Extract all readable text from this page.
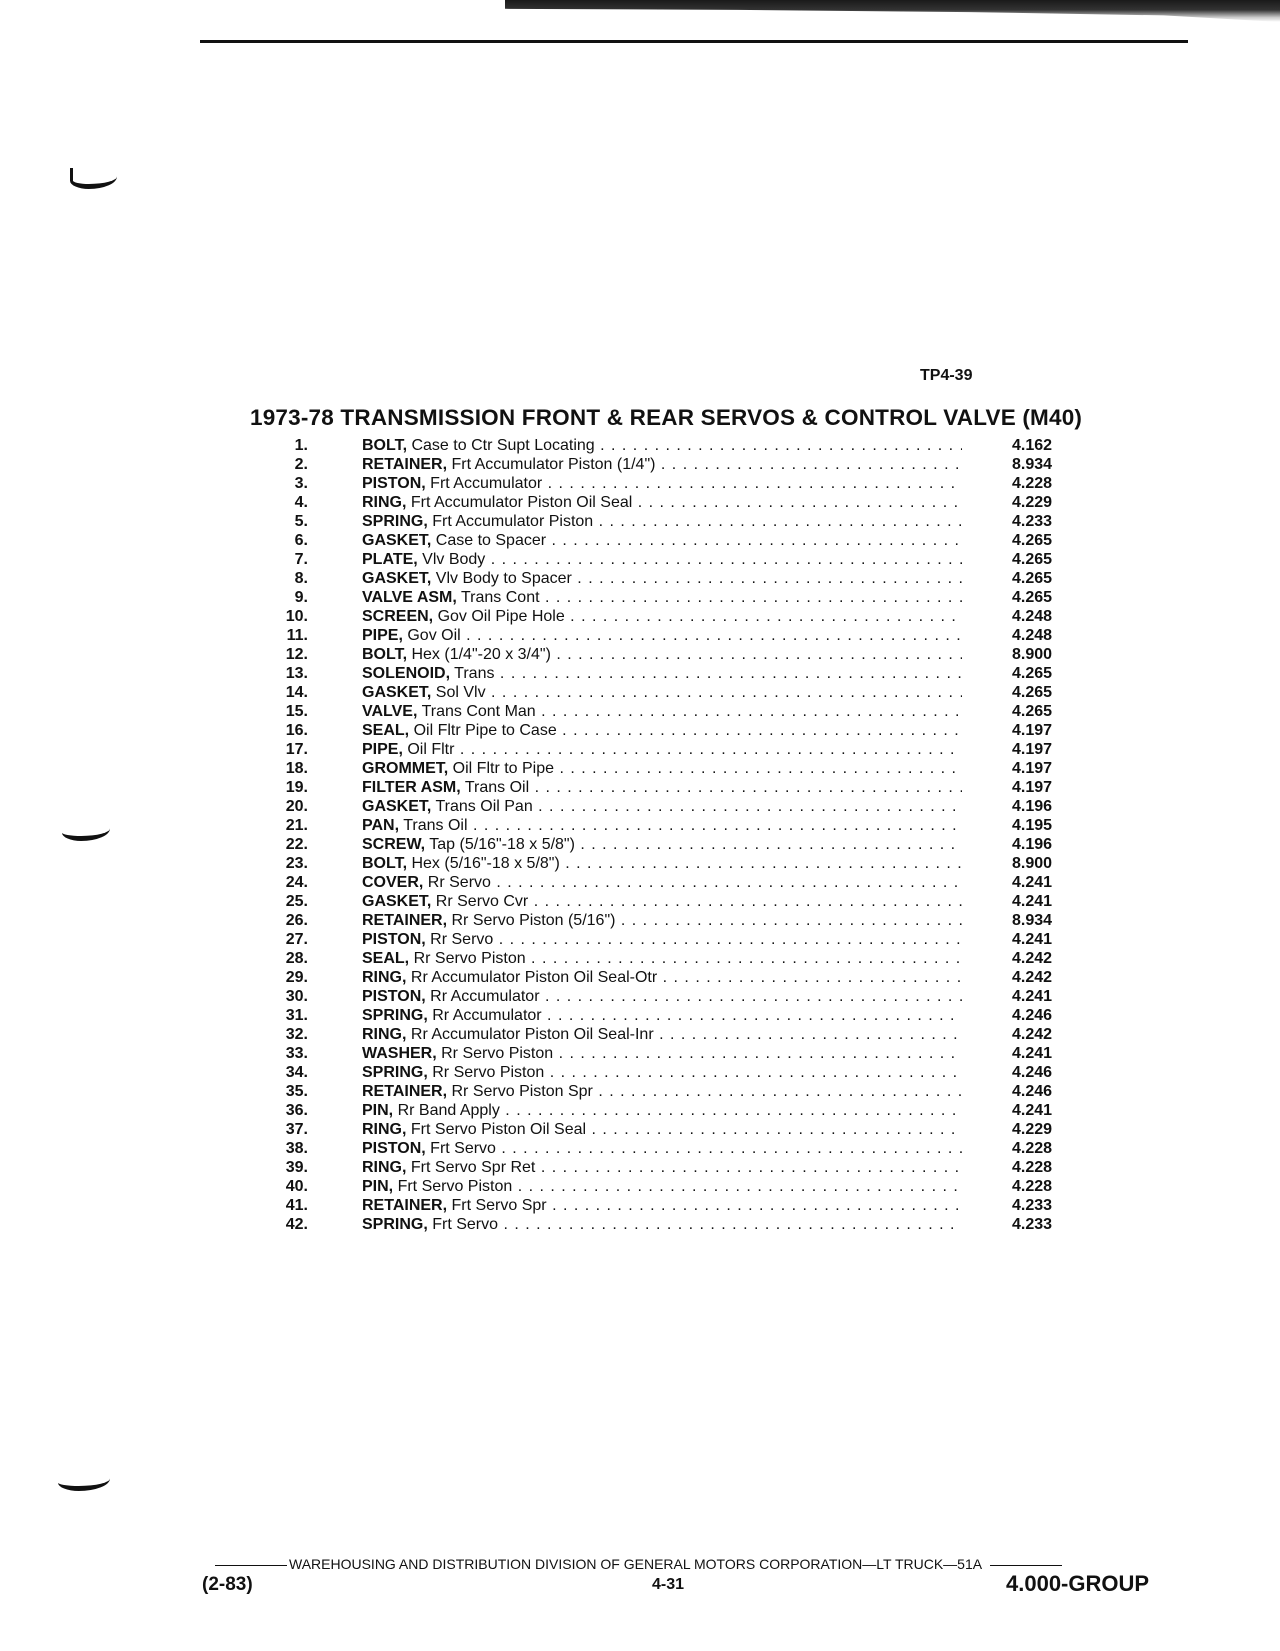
TP4-39
1973-78 TRANSMISSION FRONT & REAR SERVOS & CONTROL VALVE (M40)
1.	BOLT, Case to Ctr Supt Locating . . .	4.162
2.	RETAINER, Frt Accumulator Piston (1/4") . . .	8.934
3.	PISTON, Frt Accumulator . . .	4.228
4.	RING, Frt Accumulator Piston Oil Seal . . .	4.229
5.	SPRING, Frt Accumulator Piston . . .	4.233
6.	GASKET, Case to Spacer . . .	4.265
7.	PLATE, Vlv Body . . .	4.265
8.	GASKET, Vlv Body to Spacer . . .	4.265
9.	VALVE ASM, Trans Cont . . .	4.265
10.	SCREEN, Gov Oil Pipe Hole . . .	4.248
11.	PIPE, Gov Oil . . .	4.248
12.	BOLT, Hex (1/4"-20 x 3/4") . . .	8.900
13.	SOLENOID, Trans . . .	4.265
14.	GASKET, Sol Vlv . . .	4.265
15.	VALVE, Trans Cont Man . . .	4.265
16.	SEAL, Oil Fltr Pipe to Case . . .	4.197
17.	PIPE, Oil Fltr . . .	4.197
18.	GROMMET, Oil Fltr to Pipe . . .	4.197
19.	FILTER ASM, Trans Oil . . .	4.197
20.	GASKET, Trans Oil Pan . . .	4.196
21.	PAN, Trans Oil . . .	4.195
22.	SCREW, Tap (5/16"-18 x 5/8") . . .	4.196
23.	BOLT, Hex (5/16"-18 x 5/8") . . .	8.900
24.	COVER, Rr Servo . . .	4.241
25.	GASKET, Rr Servo Cvr . . .	4.241
26.	RETAINER, Rr Servo Piston (5/16") . . .	8.934
27.	PISTON, Rr Servo . . .	4.241
28.	SEAL, Rr Servo Piston . . .	4.242
29.	RING, Rr Accumulator Piston Oil Seal-Otr . . .	4.242
30.	PISTON, Rr Accumulator . . .	4.241
31.	SPRING, Rr Accumulator . . .	4.246
32.	RING, Rr Accumulator Piston Oil Seal-Inr . . .	4.242
33.	WASHER, Rr Servo Piston . . .	4.241
34.	SPRING, Rr Servo Piston . . .	4.246
35.	RETAINER, Rr Servo Piston Spr . . .	4.246
36.	PIN, Rr Band Apply . . .	4.241
37.	RING, Frt Servo Piston Oil Seal . . .	4.229
38.	PISTON, Frt Servo . . .	4.228
39.	RING, Frt Servo Spr Ret . . .	4.228
40.	PIN, Frt Servo Piston . . .	4.228
41.	RETAINER, Frt Servo Spr . . .	4.233
42.	SPRING, Frt Servo . . .	4.233
WAREHOUSING AND DISTRIBUTION DIVISION OF GENERAL MOTORS CORPORATION—LT TRUCK—51A
(2-83)	4-31	4.000-GROUP
